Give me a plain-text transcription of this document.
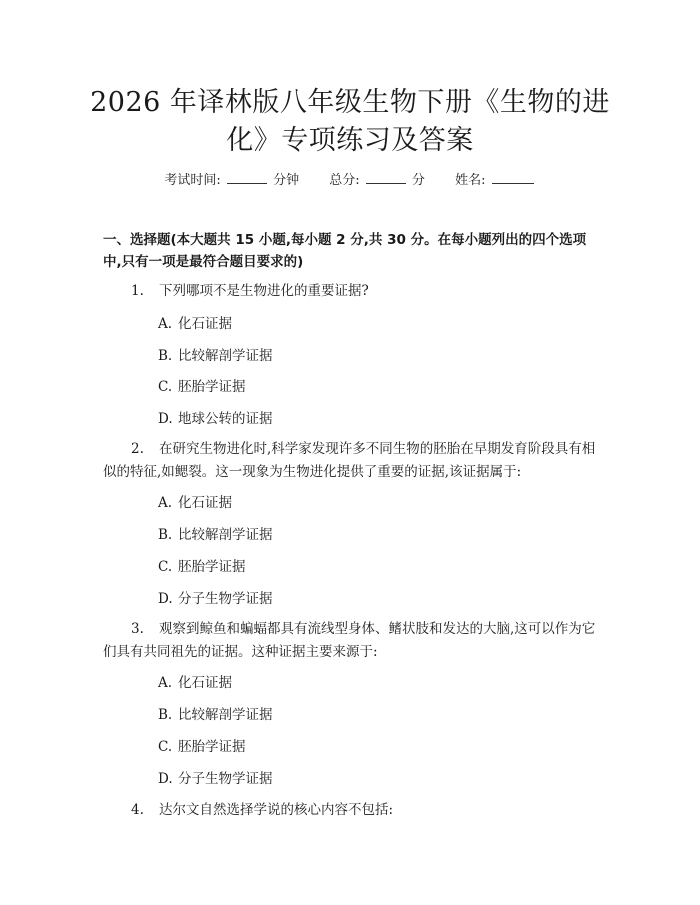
2026 年译林版八年级生物下册《生物的进化》专项练习及答案
考试时间:	分钟 总分:	分 姓名:
一、选择题(本大题共 15 小题,每小题 2 分,共 30 分。在每小题列出的四个选项中,只有一项是最符合题目要求的)
1. 下列哪项不是生物进化的重要证据?
A. 化石证据
B. 比较解剖学证据
C. 胚胎学证据
D. 地球公转的证据
2. 在研究生物进化时,科学家发现许多不同生物的胚胎在早期发育阶段具有相似的特征,如鳃裂。这一现象为生物进化提供了重要的证据,该证据属于:
A. 化石证据
B. 比较解剖学证据
C. 胚胎学证据
D. 分子生物学证据
3. 观察到鲸鱼和蝙蝠都具有流线型身体、鳍状肢和发达的大脑,这可以作为它们具有共同祖先的证据。这种证据主要来源于:
A. 化石证据
B. 比较解剖学证据
C. 胚胎学证据
D. 分子生物学证据
4. 达尔文自然选择学说的核心内容不包括:
